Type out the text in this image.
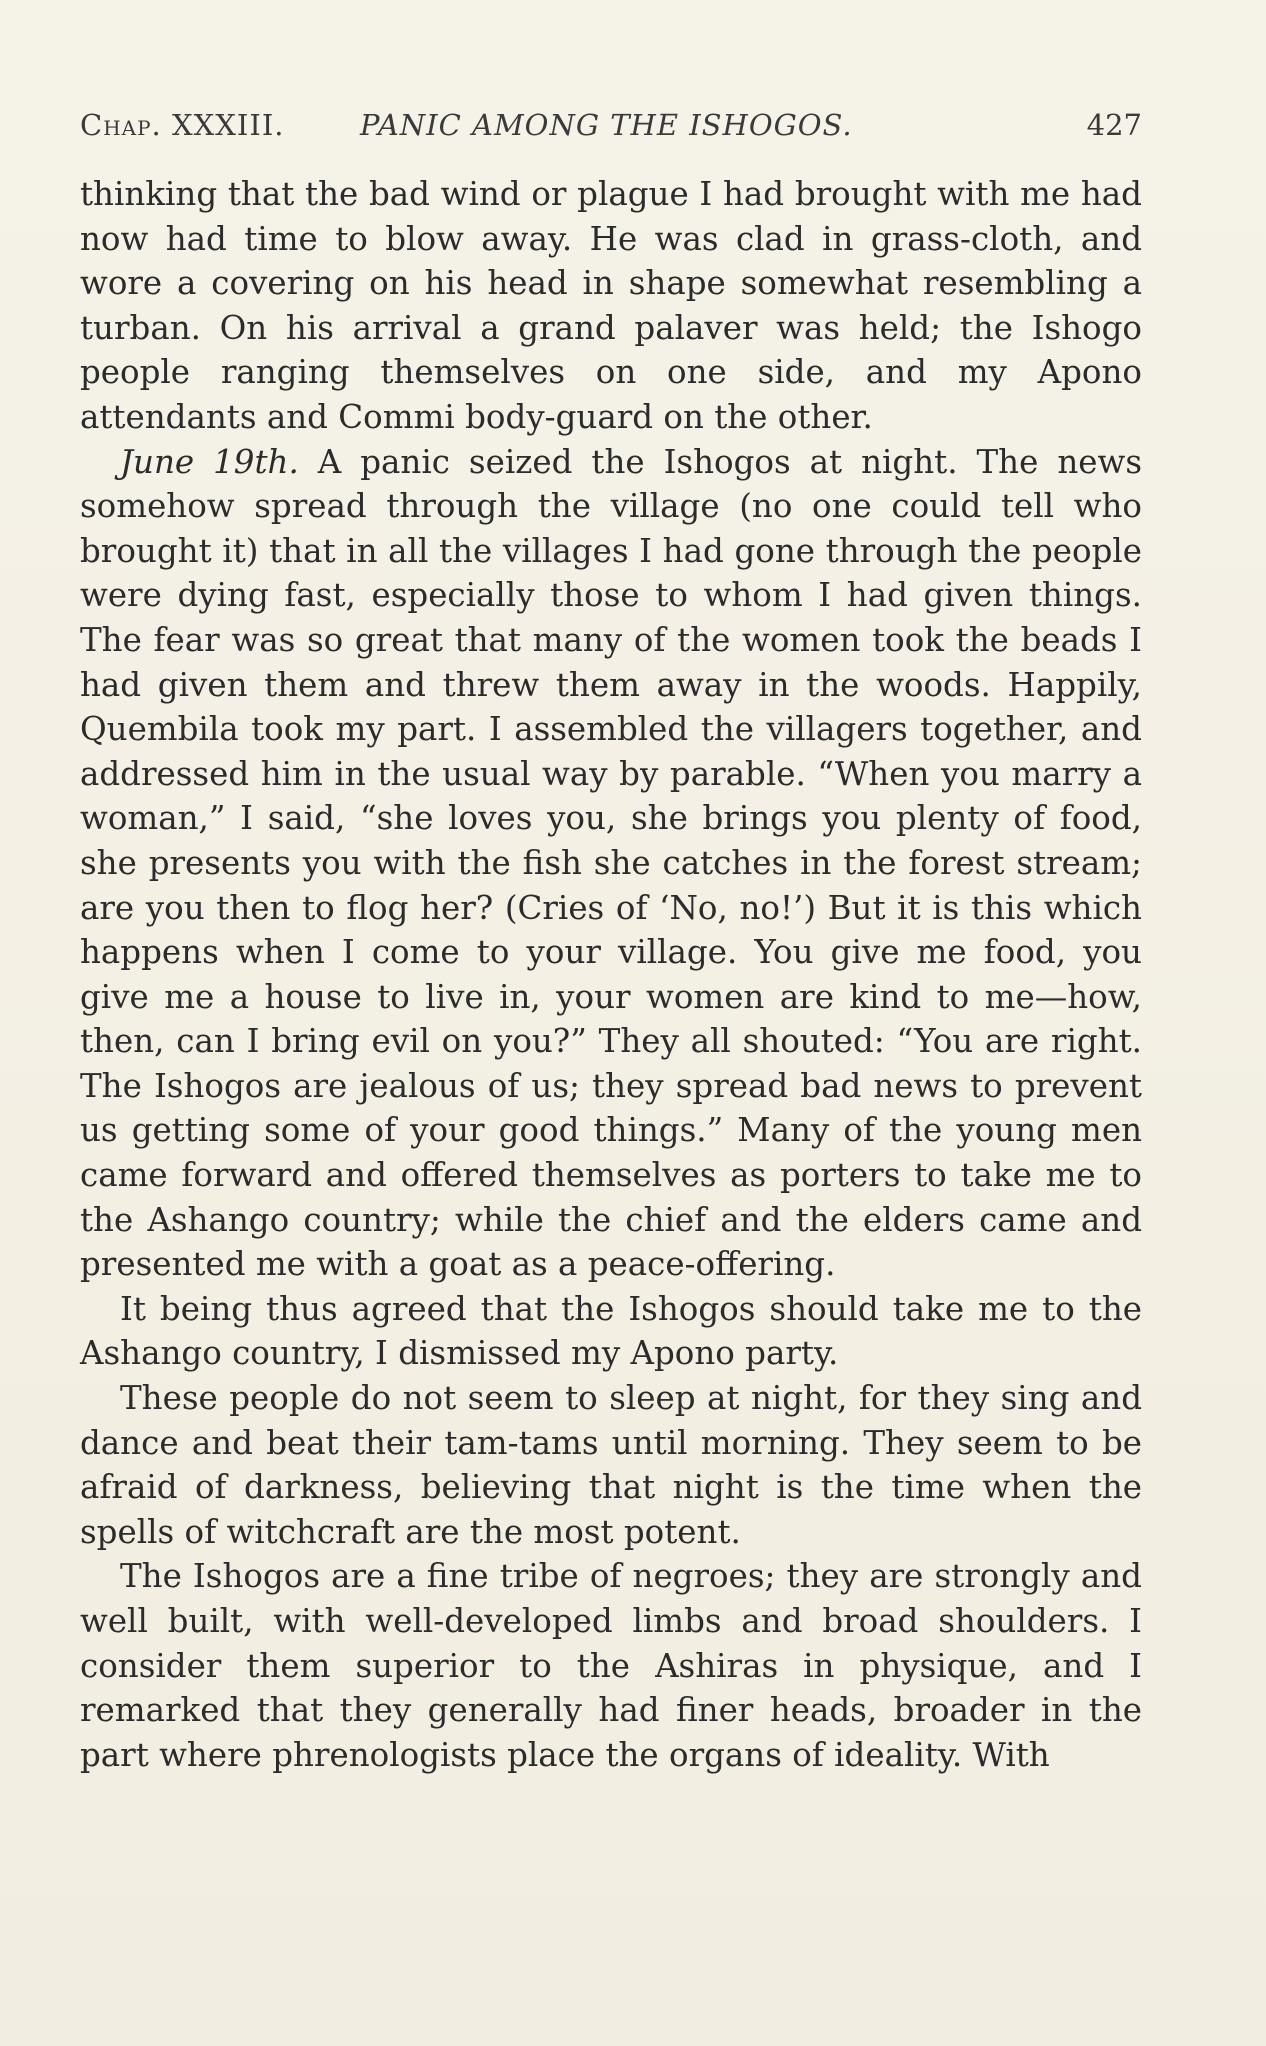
Chap. XXXIII.	PANIC AMONG THE ISHOGOS.	427

thinking that the bad wind or plague I had brought with me had now had time to blow away. He was clad in grass-cloth, and wore a covering on his head in shape somewhat resembling a turban. On his arrival a grand palaver was held; the Ishogo people ranging themselves on one side, and my Apono attendants and Commi body-guard on the other.

June 19th. A panic seized the Ishogos at night. The news somehow spread through the village (no one could tell who brought it) that in all the villages I had gone through the people were dying fast, especially those to whom I had given things. The fear was so great that many of the women took the beads I had given them and threw them away in the woods. Happily, Quembila took my part. I assembled the villagers together, and addressed him in the usual way by parable. “When you marry a woman,” I said, “she loves you, she brings you plenty of food, she presents you with the fish she catches in the forest stream; are you then to flog her? (Cries of ‘No, no!’) But it is this which happens when I come to your village. You give me food, you give me a house to live in, your women are kind to me—how, then, can I bring evil on you?” They all shouted: “You are right. The Ishogos are jealous of us; they spread bad news to prevent us getting some of your good things.” Many of the young men came forward and offered themselves as porters to take me to the Ashango country; while the chief and the elders came and presented me with a goat as a peace-offering.

It being thus agreed that the Ishogos should take me to the Ashango country, I dismissed my Apono party.

These people do not seem to sleep at night, for they sing and dance and beat their tam-tams until morning. They seem to be afraid of darkness, believing that night is the time when the spells of witchcraft are the most potent.

The Ishogos are a fine tribe of negroes; they are strongly and well built, with well-developed limbs and broad shoulders. I consider them superior to the Ashiras in physique, and I remarked that they generally had finer heads, broader in the part where phrenologists place the organs of ideality. With
